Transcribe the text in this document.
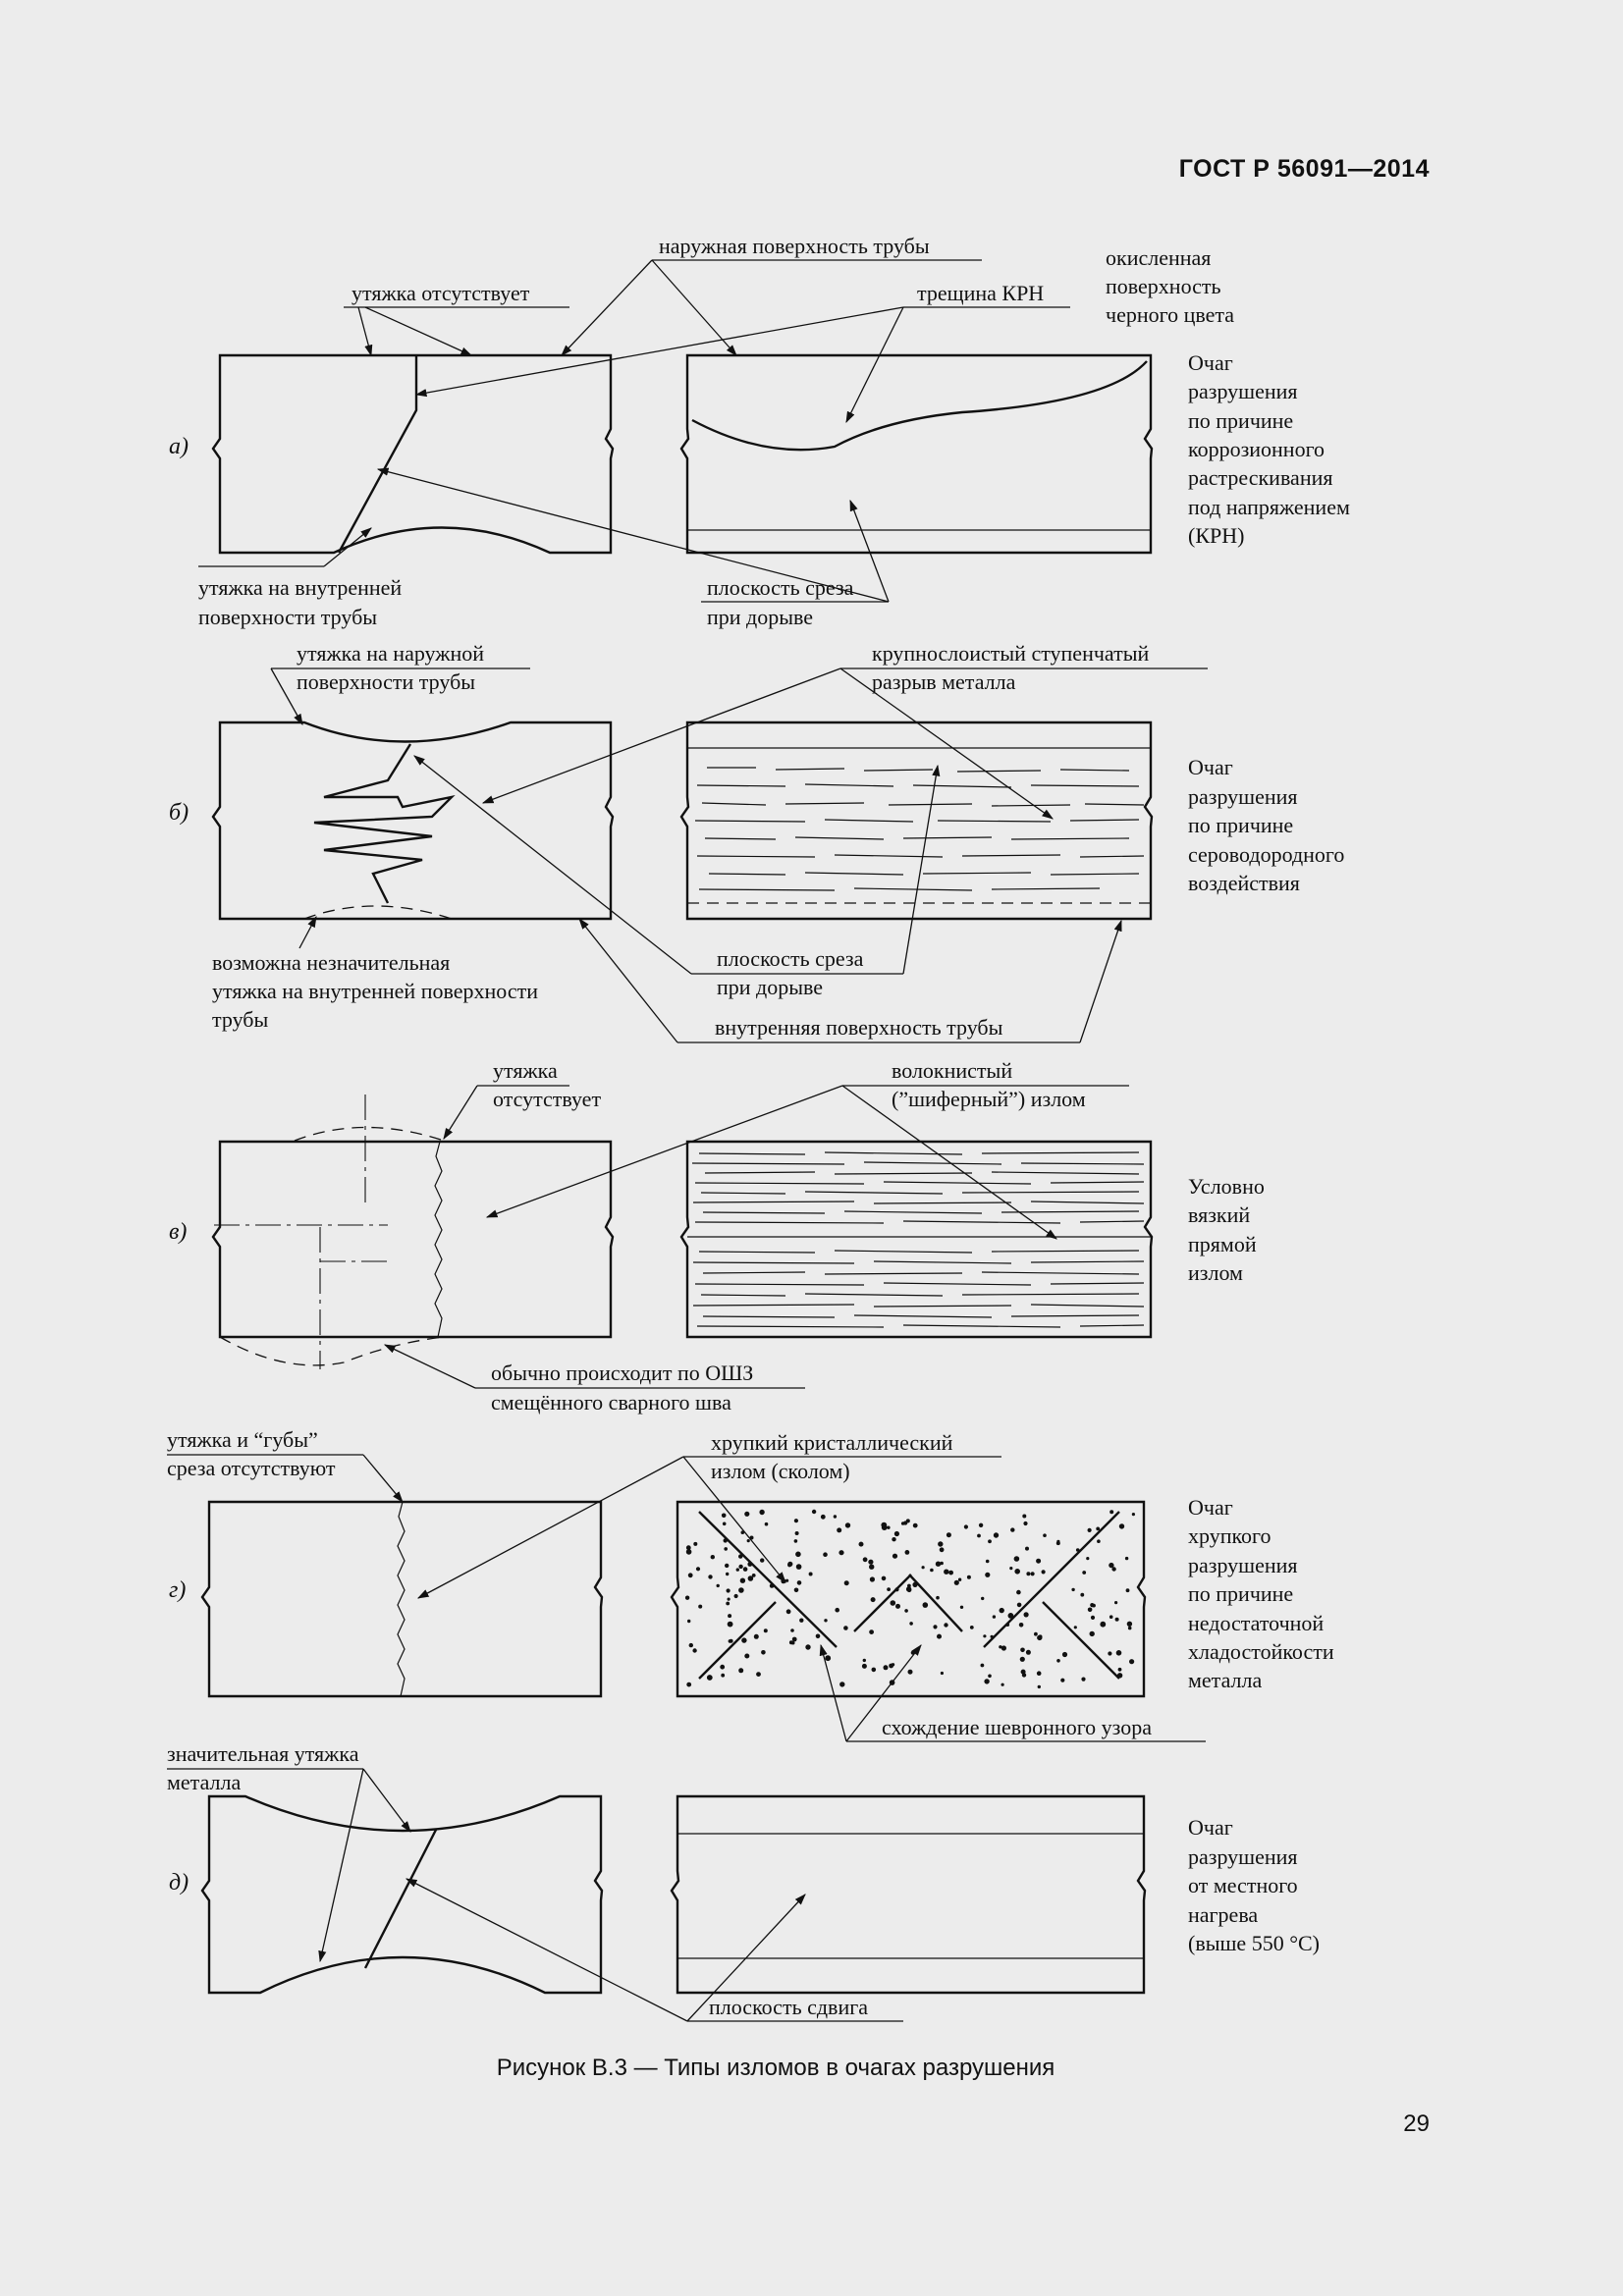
ГОСТ Р 56091—2014
а)
наружная поверхность трубы
утяжка отсутствует	трещина КРН
окисленная
поверхность
черного цвета
утяжка на внутренней
поверхности трубы
плоскость среза
при дорыве
Очаг
разрушения
по причине
коррозионного
растрескивания
под напряжением
(КРН)
б)
утяжка на наружной
поверхности трубы
крупнослоистый ступенчатый
разрыв металла
возможна незначительная
утяжка на внутренней поверхности
трубы
плоскость среза
при дорыве
внутренняя поверхность трубы
Очаг
разрушения
по причине
сероводородного
воздействия
в)
утяжка
отсутствует
волокнистый
(”шиферный”) излом
обычно происходит по ОШЗ
смещённого сварного шва
Условно
вязкий
прямой
излом
г)
утяжка и “губы”
среза отсутствуют
хрупкий кристаллический
излом (сколом)
схождение шевронного узора
Очаг
хрупкого
разрушения
по причине
недостаточной
хладостойкости
металла
д)
значительная утяжка
металла
плоскость сдвига
Очаг
разрушения
от местного
нагрева
(выше 550 °С)
Рисунок В.3 — Типы изломов в очагах разрушения
29
